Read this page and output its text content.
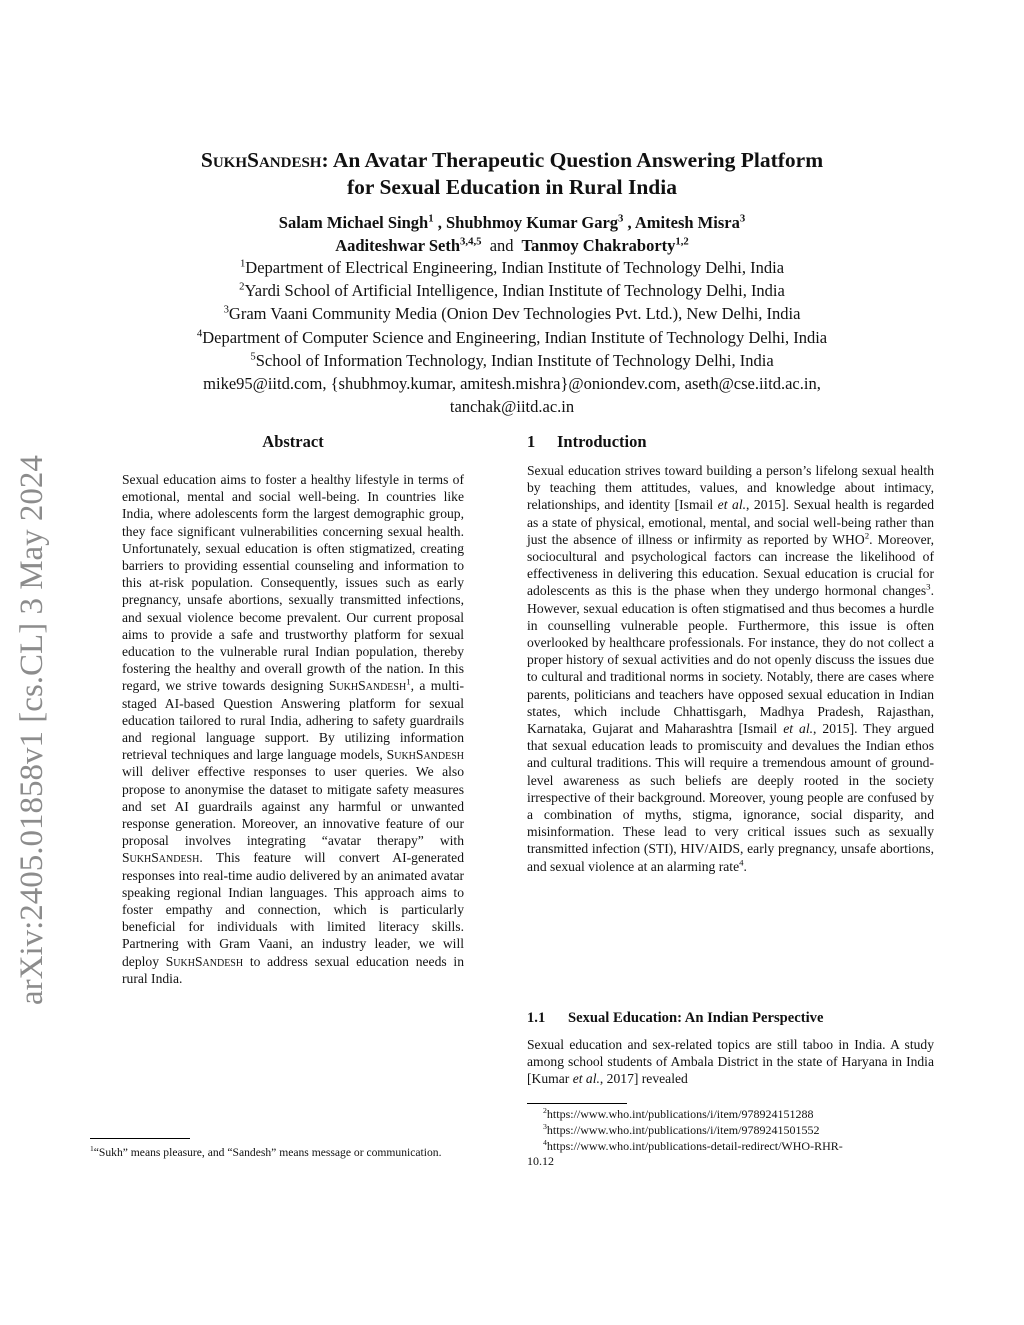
arXiv:2405.01858v1 [cs.CL] 3 May 2024
SukhSandesh: An Avatar Therapeutic Question Answering Platform
for Sexual Education in Rural India
Salam Michael Singh$^1$ , Shubhmoy Kumar Garg$^3$ , Amitesh Misra$^3$
Aaditeshwar Seth$^{3,4,5}$ and Tanmoy Chakraborty$^{1,2}$
$^1$Department of Electrical Engineering, Indian Institute of Technology Delhi, India
$^2$Yardi School of Artificial Intelligence, Indian Institute of Technology Delhi, India
$^3$Gram Vaani Community Media (Onion Dev Technologies Pvt. Ltd.), New Delhi, India
$^4$Department of Computer Science and Engineering, Indian Institute of Technology Delhi, India
$^5$School of Information Technology, Indian Institute of Technology Delhi, India
mike95@iitd.com, {shubhmoy.kumar, amitesh.mishra}@oniondev.com, aseth@cse.iitd.ac.in,
tanchak@iitd.ac.in
Abstract
Sexual education aims to foster a healthy lifestyle in terms of emotional, mental and social well-being. In countries like India, where adolescents form the largest demographic group, they face significant vulnerabilities concerning sexual health. Unfortunately, sexual education is often stigmatized, creating barriers to providing essential counseling and information to this at-risk population. Consequently, issues such as early pregnancy, unsafe abortions, sexually transmitted infections, and sexual violence become prevalent. Our current proposal aims to provide a safe and trustworthy platform for sexual education to the vulnerable rural Indian population, thereby fostering the healthy and overall growth of the nation. In this regard, we strive towards designing SukhSandesh$^1$, a multi-staged AI-based Question Answering platform for sexual education tailored to rural India, adhering to safety guardrails and regional language support. By utilizing information retrieval techniques and large language models, SukhSandesh will deliver effective responses to user queries. We also propose to anonymise the dataset to mitigate safety measures and set AI guardrails against any harmful or unwanted response generation. Moreover, an innovative feature of our proposal involves integrating “avatar therapy” with SukhSandesh. This feature will convert AI-generated responses into real-time audio delivered by an animated avatar speaking regional Indian languages. This approach aims to foster empathy and connection, which is particularly beneficial for individuals with limited literacy skills. Partnering with Gram Vaani, an industry leader, we will deploy SukhSandesh to address sexual education needs in rural India.
$^1$“Sukh” means pleasure, and “Sandesh” means message or communication.
1 Introduction
Sexual education strives toward building a person’s lifelong sexual health by teaching them attitudes, values, and knowledge about intimacy, relationships, and identity [Ismail et al., 2015]. Sexual health is regarded as a state of physical, emotional, mental, and social well-being rather than just the absence of illness or infirmity as reported by WHO$^2$. Moreover, sociocultural and psychological factors can increase the likelihood of effectiveness in delivering this education. Sexual education is crucial for adolescents as this is the phase when they undergo hormonal changes$^3$. However, sexual education is often stigmatised and thus becomes a hurdle in counselling vulnerable people. Furthermore, this issue is often overlooked by healthcare professionals. For instance, they do not collect a proper history of sexual activities and do not openly discuss the issues due to cultural and traditional norms in society. Notably, there are cases where parents, politicians and teachers have opposed sexual education in Indian states, which include Chhattisgarh, Madhya Pradesh, Rajasthan, Karnataka, Gujarat and Maharashtra [Ismail et al., 2015]. They argued that sexual education leads to promiscuity and devalues the Indian ethos and cultural traditions. This will require a tremendous amount of ground-level awareness as such beliefs are deeply rooted in the society irrespective of their background. Moreover, young people are confused by a combination of myths, stigma, ignorance, social disparity, and misinformation. These lead to very critical issues such as sexually transmitted infection (STI), HIV/AIDS, early pregnancy, unsafe abortions, and sexual violence at an alarming rate$^4$.
1.1 Sexual Education: An Indian Perspective
Sexual education and sex-related topics are still taboo in India. A study among school students of Ambala District in the state of Haryana in India [Kumar et al., 2017] revealed
$^2$https://www.who.int/publications/i/item/978924151288
$^3$https://www.who.int/publications/i/item/9789241501552
$^4$https://www.who.int/publications-detail-redirect/WHO-RHR-
10.12
